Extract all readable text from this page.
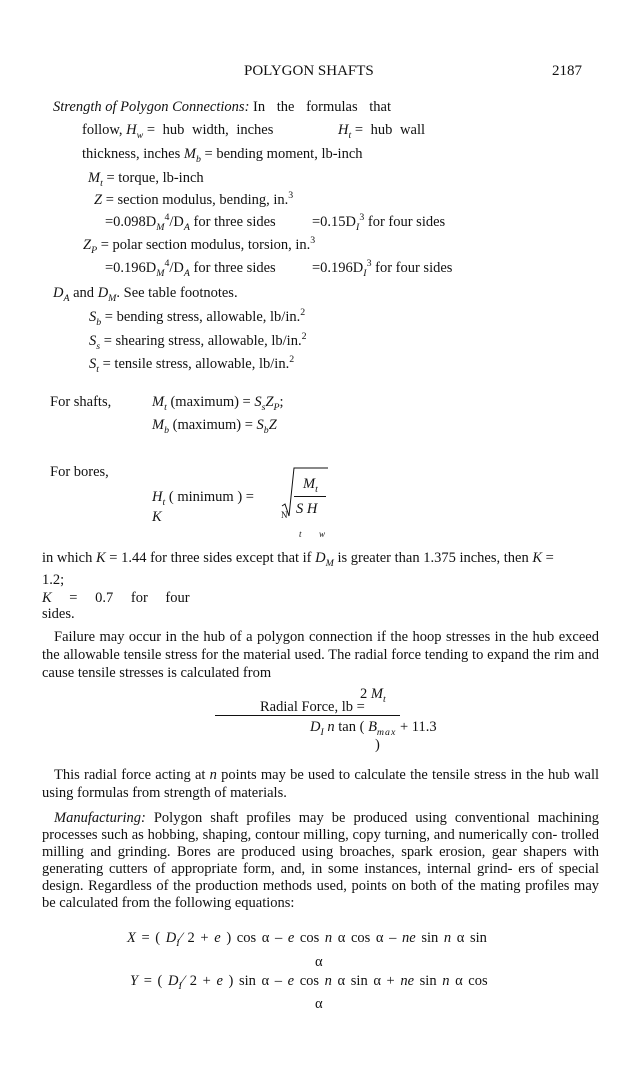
POLYGON SHAFTS	2187
Strength of Polygon Connections: In the formulas that
follow, $H_w$ = hub width, inches	$H_t$ = hub wall
thickness, inches $M_b$ = bending moment, lb-inch
$M_t$ = torque, lb-inch
Z = section modulus, bending, in.$^3$
$=0.098D_M^4/D_A$ for three sides	$=0.15D_I^3$ for four sides
$Z_P$ = polar section modulus, torsion, in.$^3$
$=0.196D_M^4/D_A$ for three sides	$=0.196D_I^3$ for four sides
$D_A$ and $D_M$. See table footnotes.
$S_b$ = bending stress, allowable, lb/in.$^2$
$S_s$ = shearing stress, allowable, lb/in.$^2$
$S_t$ = tensile stress, allowable, lb/in.$^2$
For shafts,	$M_t$ (maximum) = $S_sZ_P$;
$M_b$ (maximum) = $S_bZ$
For bores,
$H_t$ ( minimum ) =
K	N
$M_t$
S H
t w
in which K = 1.44 for three sides except that if $D_M$ is greater than 1.375 inches, then K =
1.2;
K = 0.7 for four
sides.
Failure may occur in the hub of a polygon connection if the hoop stresses in the hub exceed the allowable tensile stress for the material used. The radial force tending to expand the rim and cause tensile stresses is calculated from
2 $M_t$
Radial Force, lb =
$D_I$ n tan ( $B_{max} + 11.3$
)
This radial force acting at n points may be used to calculate the tensile stress in the hub wall using formulas from strength of materials.
Manufacturing: Polygon shaft profiles may be produced using conventional machining processes such as hobbing, shaping, contour milling, copy turning, and numerically con- trolled milling and grinding. Bores are produced using broaches, spark erosion, gear shapers with generating cutters of appropriate form, and, in some instances, internal grind- ers of special design. Regardless of the production methods used, points on both of the mating profiles may be calculated from the following equations:
X = ( $D_I⁄$ 2 + e ) cos α – e cos n α cos α – ne sin n α sin
α
Y = ( $D_I⁄$ 2 + e ) sin α – e cos n α sin α + ne sin n α cos
α
